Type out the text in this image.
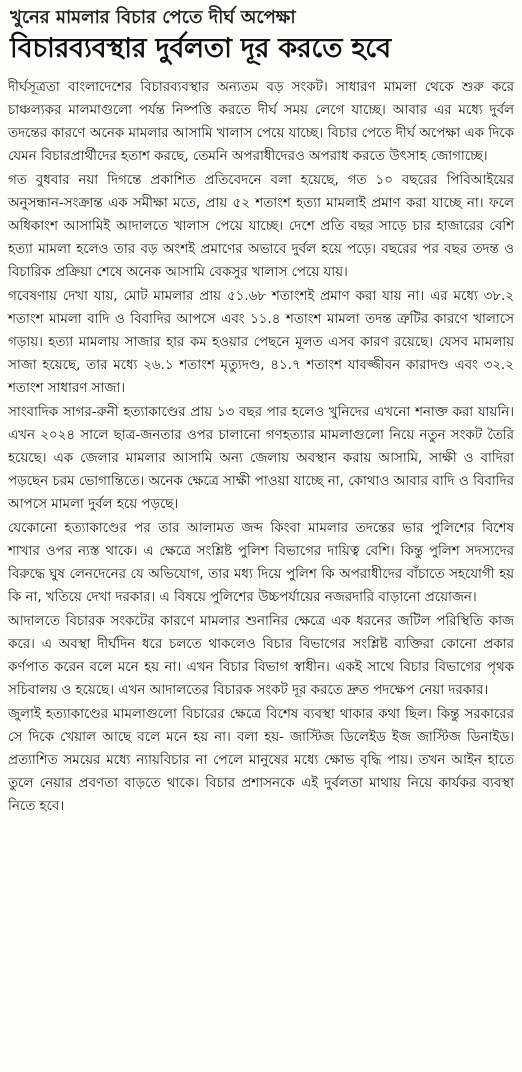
খুনের মামলার বিচার পেতে দীর্ঘ অপেক্ষা
বিচারব্যবস্থার দুর্বলতা দূর করতে হবে

দীর্ঘসূত্রতা বাংলাদেশের বিচারব্যবস্থার অন্যতম বড় সংকট। সাধারণ মামলা থেকে শুরু করে চাঞ্চল্যকর মালমাগুলো পর্যন্ত নিষ্পত্তি করতে দীর্ঘ সময় লেগে যাচ্ছে। আবার এর মধ্যে দুর্বল তদন্তের কারণে অনেক মামলার আসামি খালাস পেয়ে যাচ্ছে। বিচার পেতে দীর্ঘ অপেক্ষা এক দিকে যেমন বিচারপ্রার্থীদের হতাশ করছে, তেমনি অপরাধীদেরও অপরাধ করতে উৎসাহ জোগাচ্ছে।

গত বুধবার নয়া দিগন্তে প্রকাশিত প্রতিবেদনে বলা হয়েছে, গত ১০ বছরের পিবিআইয়ের অনুসন্ধান-সংক্রান্ত এক সমীক্ষা মতে, প্রায় ৫২ শতাংশ হত্যা মামলাই প্রমাণ করা যাচ্ছে না। ফলে অধিকাংশ আসামিই আদালতে খালাস পেয়ে যাচ্ছে। দেশে প্রতি বছর সাড়ে চার হাজারের বেশি হত্যা মামলা হলেও তার বড় অংশই প্রমাণের অভাবে দুর্বল হয়ে পড়ে। বছরের পর বছর তদন্ত ও বিচারিক প্রক্রিয়া শেষে অনেক আসামি বেকসুর খালাস পেয়ে যায়।

গবেষণায় দেখা যায়, মোট মামলার প্রায় ৫১.৬৮ শতাংশই প্রমাণ করা যায় না। এর মধ্যে ৩৮.২ শতাংশ মামলা বাদি ও বিবাদির আপসে এবং ১১.৪ শতাংশ মামলা তদন্ত ত্রুটির কারণে খালাসে গড়ায়। হত্যা মামলায় সাজার হার কম হওয়ার পেছনে মূলত এসব কারণ রয়েছে। যেসব মামলায় সাজা হয়েছে, তার মধ্যে ২৬.১ শতাংশ মৃত্যুদণ্ড, ৪১.৭ শতাংশ যাবজ্জীবন কারাদণ্ড এবং ৩২.২ শতাংশ সাধারণ সাজা।

সাংবাদিক সাগর-রুনী হত্যাকাণ্ডের প্রায় ১৩ বছর পার হলেও খুনিদের এখনো শনাক্ত করা যায়নি। এখন ২০২৪ সালে ছাত্র-জনতার ওপর চালানো গণহত্যার মামলাগুলো নিয়ে নতুন সংকট তৈরি হয়েছে। এক জেলার মামলার আসামি অন্য জেলায় অবস্থান করায় আসামি, সাক্ষী ও বাদিরা পড়ছেন চরম ভোগান্তিতে। অনেক ক্ষেত্রে সাক্ষী পাওয়া যাচ্ছে না, কোথাও আবার বাদি ও বিবাদির আপসে মামলা দুর্বল হয়ে পড়ছে।

যেকোনো হত্যাকাণ্ডের পর তার আলামত জব্দ কিংবা মামলার তদন্তের ভার পুলিশের বিশেষ শাখার ওপর ন্যস্ত থাকে। এ ক্ষেত্রে সংশ্লিষ্ট পুলিশ বিভাগের দায়িত্ব বেশি। কিন্তু পুলিশ সদস্যদের বিরুদ্ধে ঘুষ লেনদেনের যে অভিযোগ, তার মধ্য দিয়ে পুলিশ কি অপরাধীদের বাঁচাতে সহযোগী হয় কি না, খতিয়ে দেখা দরকার। এ বিষয়ে পুলিশের উচ্চপর্যায়ের নজরদারি বাড়ানো প্রয়োজন।

আদালতে বিচারক সংকটের কারণে মামলার শুনানির ক্ষেত্রে এক ধরনের জটিল পরিস্থিতি কাজ করে। এ অবস্থা দীর্ঘদিন ধরে চলতে থাকলেও বিচার বিভাগের সংশ্লিষ্ট ব্যক্তিরা কোনো প্রকার কর্ণপাত করেন বলে মনে হয় না। এখন বিচার বিভাগ স্বাধীন। একই সাথে বিচার বিভাগের পৃথক সচিবালয় ও হয়েছে। এখন আদালতের বিচারক সংকট দূর করতে দ্রুত পদক্ষেপ নেয়া দরকার।

জুলাই হত্যাকাণ্ডের মামলাগুলো বিচারের ক্ষেত্রে বিশেষ ব্যবস্থা থাকার কথা ছিল। কিন্তু সরকারের সে দিকে খেয়াল আছে বলে মনে হয় না। বলা হয়- জাস্টিজ ডিলেইড ইজ জাস্টিজ ডিনাইড। প্রত্যাশিত সময়ের মধ্যে ন্যায়বিচার না পেলে মানুষের মধ্যে ক্ষোভ বৃদ্ধি পায়। তখন আইন হাতে তুলে নেয়ার প্রবণতা বাড়তে থাকে। বিচার প্রশাসনকে এই দুর্বলতা মাথায় নিয়ে কার্যকর ব্যবস্থা নিতে হবে।
